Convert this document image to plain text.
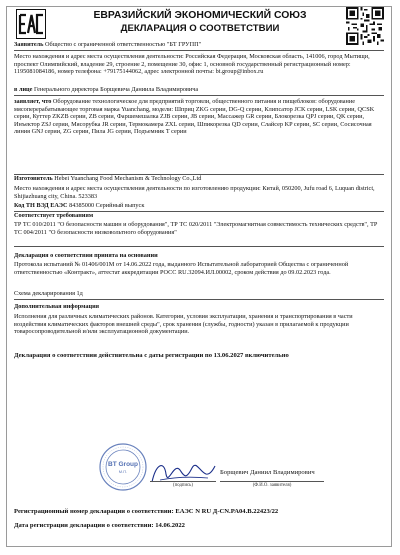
ЕВРАЗИЙСКИЙ ЭКОНОМИЧЕСКИЙ СОЮЗ
ДЕКЛАРАЦИЯ О СООТВЕТСТВИИ
Заявитель Общество с ограниченной ответственностью "БТ ГРУПП"
Место нахождения и адрес места осуществления деятельности: Российская Федерация, Московская область, 141006, город Мытищи, проспект Олимпийский, владение 29, строение 2, помещение 30, офис 1, основной государственный регистрационный номер: 1195081084186, номер телефона: +79175144062, адрес электронной почты: bt.group@inbox.ru
в лице Генерального директора Борщевича Даниила Владимировича
заявляет, что Оборудование технологическое для предприятий торговли, общественного питания и пищеблоков: оборудование мясоперерабатывающее торговая марка Yuanchang, модели: Шприц ZKG серии, DG-Q серии, Клипсатор JCK серии, LSK серии, QCSK серии, Куттер ZKZB серии, ZB серии, Фаршемешалка ZJB серии, JB серии, Массажер GR серии, Блокорезка QPJ серии, QK серии, Инъектор ZSJ серии, Мясорубка JR серии, Термокамера ZXL серии, Шпикорезка QD серии, Слайсер KP серии, SC серии, Сосисочная линия GNJ серии, ZG серии, Пила JG серии, Подъемник T серии
Изготовитель Hebei Yuanchang Food Mechanism & Technology Co.,Ltd
Место нахождения и адрес места осуществления деятельности по изготовлению продукции: Китай, 050200, Jufu road 6, Luquan district, Shijiazhuang city, China. 523383
Код ТН ВЭД ЕАЭС 84385000 Серийный выпуск
Соответствует требованиям
ТР ТС 010/2011 "О безопасности машин и оборудования", ТР ТС 020/2011 "Электромагнитная совместимость технических средств", ТР ТС 004/2011 "О безопасности низковольтного оборудования"
Декларация о соответствии принята на основании
Протокола испытаний № 01406/001М от 14.06.2022 года, выданного Испытательной лабораторией Общества с ограниченной ответственностью «Контракт», аттестат аккредитации РОСС RU.32094.ИЛ.00002, сроком действия до 09.02.2023 года.
Схема декларирования 1д
Дополнительная информация
Исполнения для различных климатических районов. Категории, условия эксплуатации, хранения и транспортирования в части воздействия климатических факторов внешней среды", срок хранения (службы, годности) указан в прилагаемой к продукции товаросопроводительной и/или эксплуатационной документации.
Декларация о соответствии действительна с даты регистрации по 13.06.2027 включительно
BT Group
М.П.
(подпись)
Борщевич Даниил Владимирович
(Ф.И.О. заявителя)
Регистрационный номер декларации о соответствии: ЕАЭС N RU Д-CN.PA04.B.22423/22
Дата регистрации декларации о соответствии: 14.06.2022
